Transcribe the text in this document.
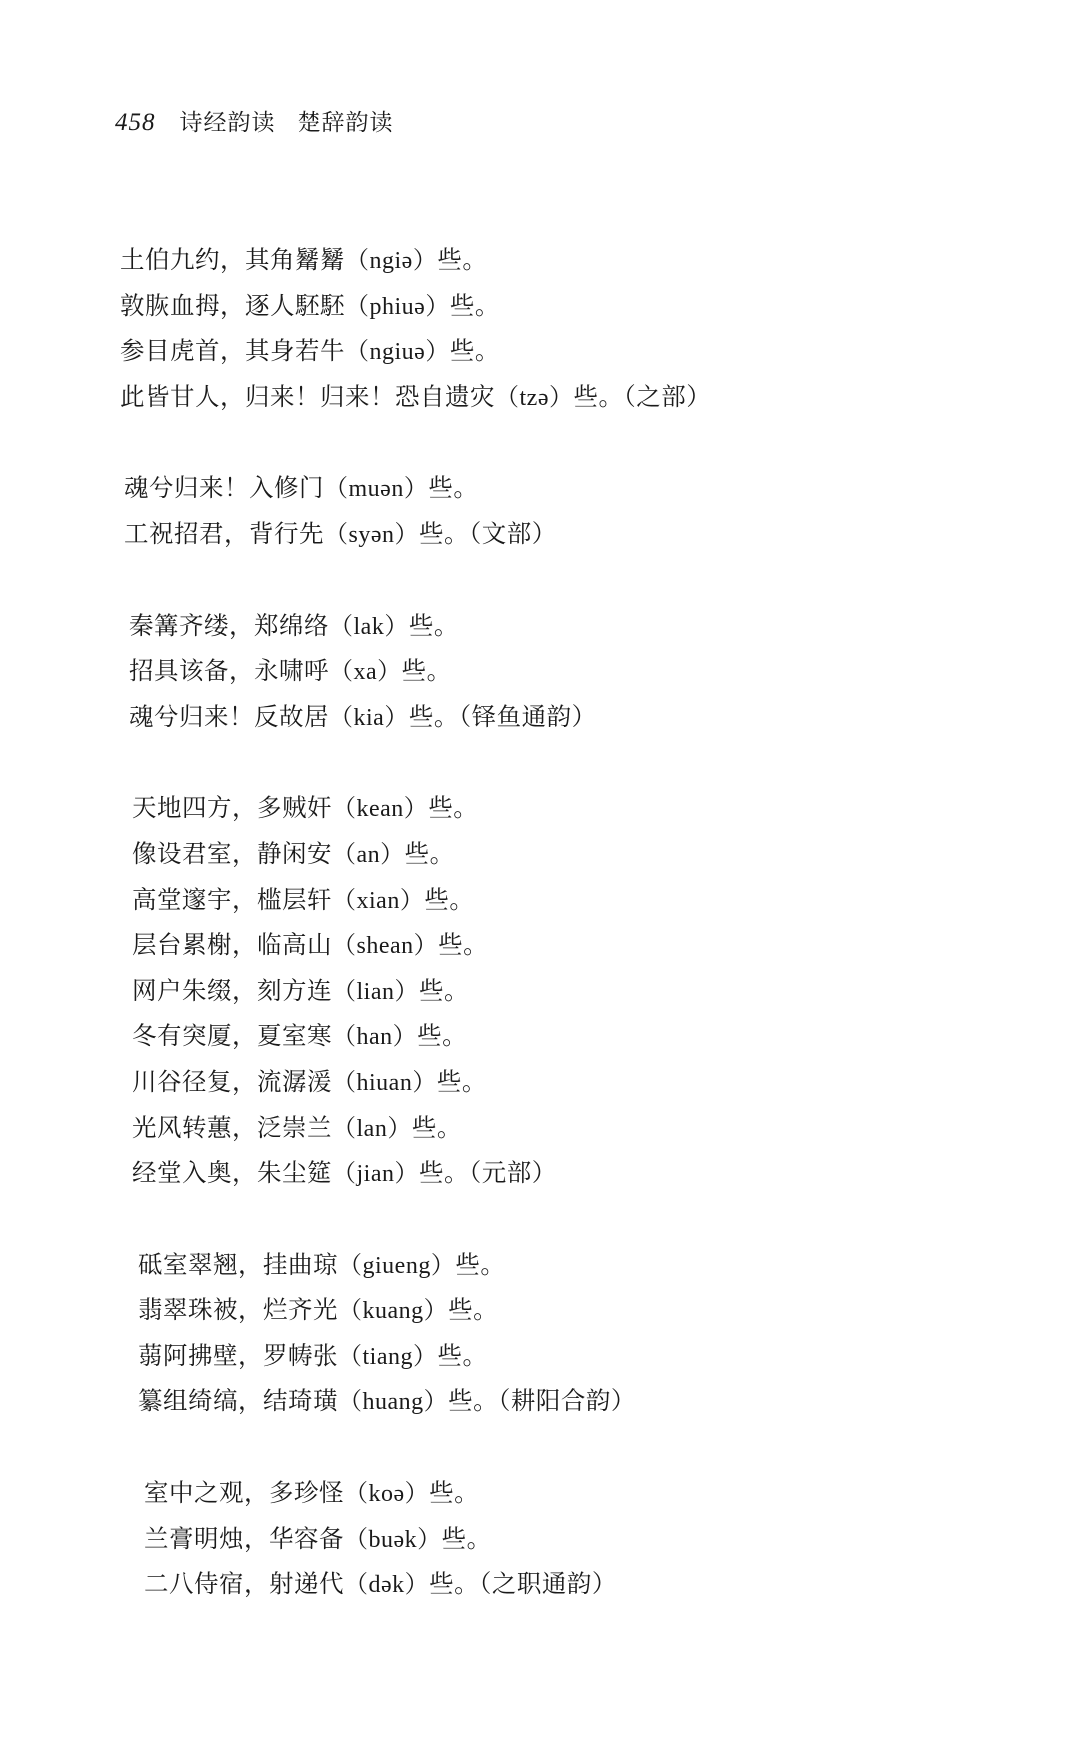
458 诗经韵读 楚辞韵读
土伯九约，其角觺觺（ngiə）些。
敦脄血拇，逐人駓駓（phiuə）些。
参目虎首，其身若牛（ngiuə）些。
此皆甘人，归来！归来！恐自遗灾（tzə）些。（之部）
魂兮归来！入修门（muən）些。
工祝招君，背行先（syən）些。（文部）
秦篝齐缕，郑绵络（lak）些。
招具该备，永啸呼（xa）些。
魂兮归来！反故居（kia）些。（铎鱼通韵）
天地四方，多贼奸（kean）些。
像设君室，静闲安（an）些。
高堂邃宇，槛层轩（xian）些。
层台累榭，临高山（shean）些。
网户朱缀，刻方连（lian）些。
冬有突厦，夏室寒（han）些。
川谷径复，流潺湲（hiuan）些。
光风转蕙，泛崇兰（lan）些。
经堂入奥，朱尘筵（jian）些。（元部）
砥室翠翘，挂曲琼（giueng）些。
翡翠珠被，烂齐光（kuang）些。
蒻阿拂壁，罗帱张（tiang）些。
纂组绮缟，结琦璜（huang）些。（耕阳合韵）
室中之观，多珍怪（koə）些。
兰膏明烛，华容备（buək）些。
二八侍宿，射递代（dək）些。（之职通韵）
